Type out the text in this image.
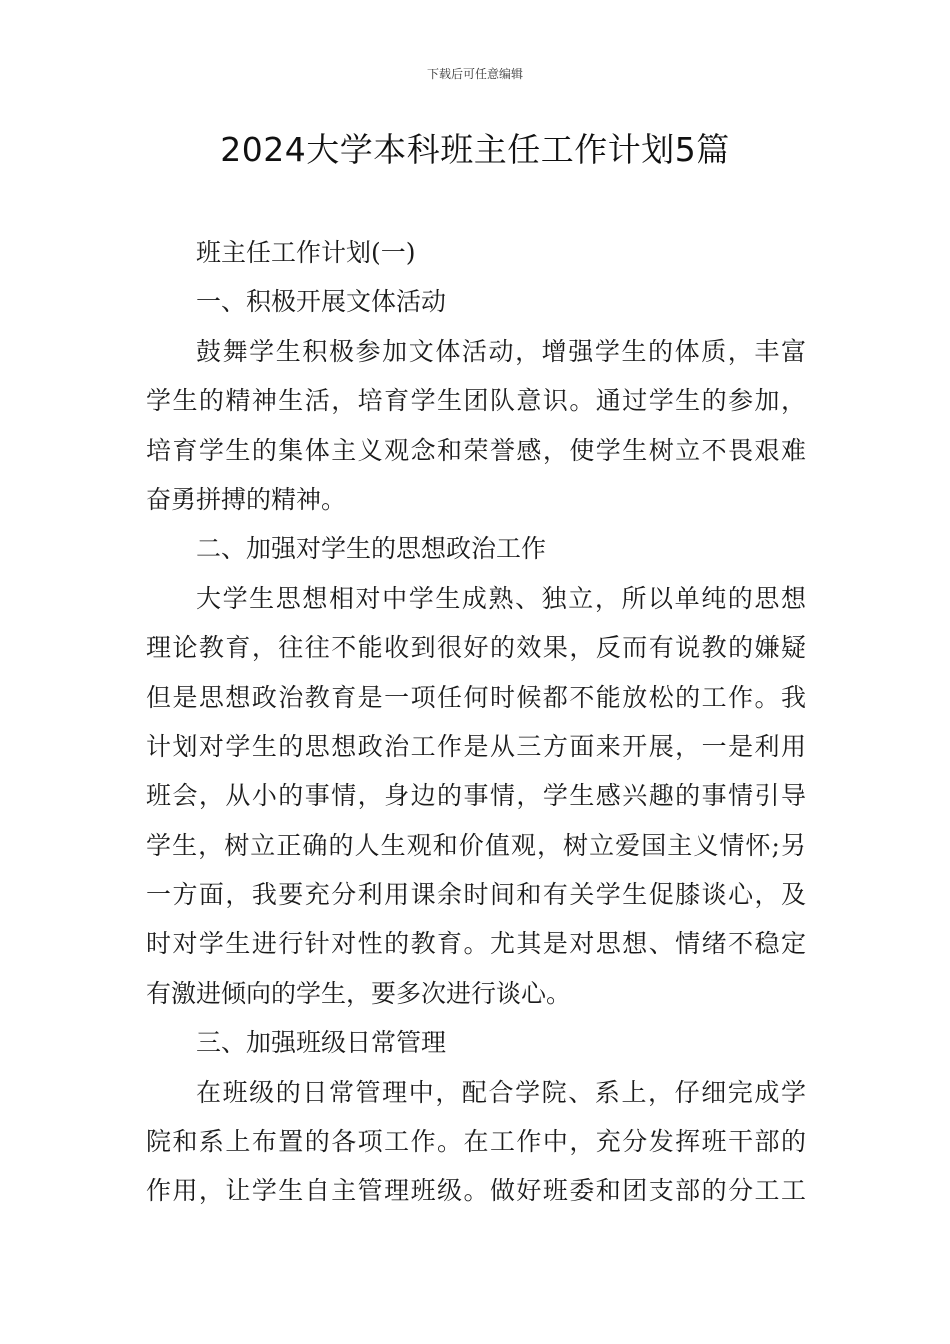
下载后可任意编辑
2024大学本科班主任工作计划5篇
班主任工作计划(一)
一、积极开展文体活动
鼓舞学生积极参加文体活动，增强学生的体质，丰富
学生的精神生活，培育学生团队意识。通过学生的参加，
培育学生的集体主义观念和荣誉感，使学生树立不畏艰难
奋勇拼搏的精神。
二、加强对学生的思想政治工作
大学生思想相对中学生成熟、独立，所以单纯的思想
理论教育，往往不能收到很好的效果，反而有说教的嫌疑
但是思想政治教育是一项任何时候都不能放松的工作。我
计划对学生的思想政治工作是从三方面来开展，一是利用
班会，从小的事情，身边的事情，学生感兴趣的事情引导
学生，树立正确的人生观和价值观，树立爱国主义情怀;另
一方面，我要充分利用课余时间和有关学生促膝谈心，及
时对学生进行针对性的教育。尤其是对思想、情绪不稳定
有激进倾向的学生，要多次进行谈心。
三、加强班级日常管理
在班级的日常管理中，配合学院、系上，仔细完成学
院和系上布置的各项工作。在工作中，充分发挥班干部的
作用，让学生自主管理班级。做好班委和团支部的分工工
